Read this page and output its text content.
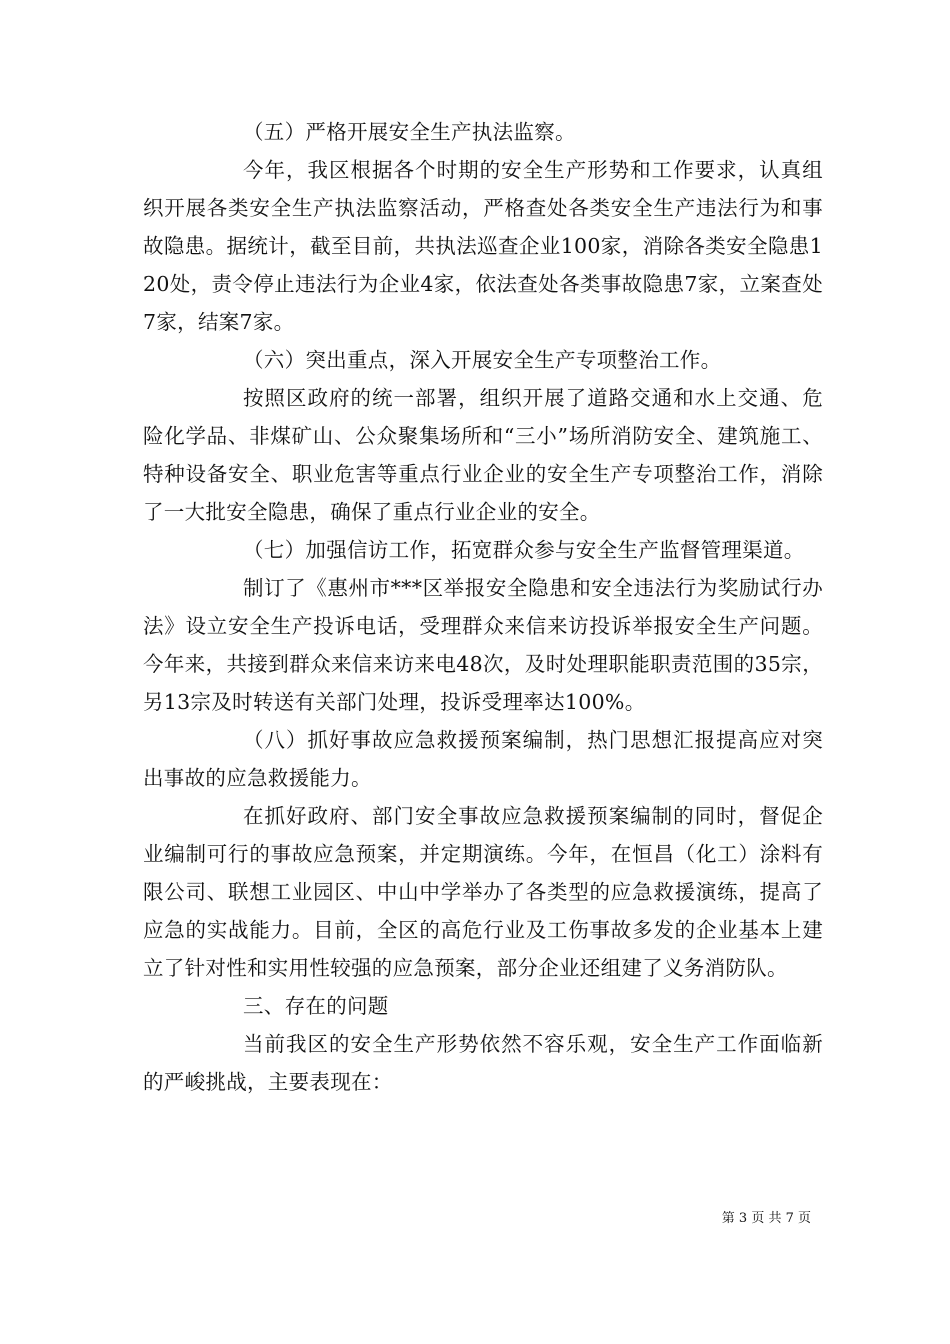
（五）严格开展安全生产执法监察。

今年，我区根据各个时期的安全生产形势和工作要求，认真组织开展各类安全生产执法监察活动，严格查处各类安全生产违法行为和事故隐患。据统计，截至目前，共执法巡查企业100家，消除各类安全隐患120处，责令停止违法行为企业4家，依法查处各类事故隐患7家，立案查处7家，结案7家。

（六）突出重点，深入开展安全生产专项整治工作。

按照区政府的统一部署，组织开展了道路交通和水上交通、危险化学品、非煤矿山、公众聚集场所和“三小”场所消防安全、建筑施工、特种设备安全、职业危害等重点行业企业的安全生产专项整治工作，消除了一大批安全隐患，确保了重点行业企业的安全。

（七）加强信访工作，拓宽群众参与安全生产监督管理渠道。

制订了《惠州市***区举报安全隐患和安全违法行为奖励试行办法》设立安全生产投诉电话，受理群众来信来访投诉举报安全生产问题。今年来，共接到群众来信来访来电48次，及时处理职能职责范围的35宗，另13宗及时转送有关部门处理，投诉受理率达100%。

（八）抓好事故应急救援预案编制，热门思想汇报提高应对突出事故的应急救援能力。

在抓好政府、部门安全事故应急救援预案编制的同时，督促企业编制可行的事故应急预案，并定期演练。今年，在恒昌（化工）涂料有限公司、联想工业园区、中山中学举办了各类型的应急救援演练，提高了应急的实战能力。目前，全区的高危行业及工伤事故多发的企业基本上建立了针对性和实用性较强的应急预案，部分企业还组建了义务消防队。

三、存在的问题

当前我区的安全生产形势依然不容乐观，安全生产工作面临新的严峻挑战，主要表现在：

第 3 页 共 7 页
